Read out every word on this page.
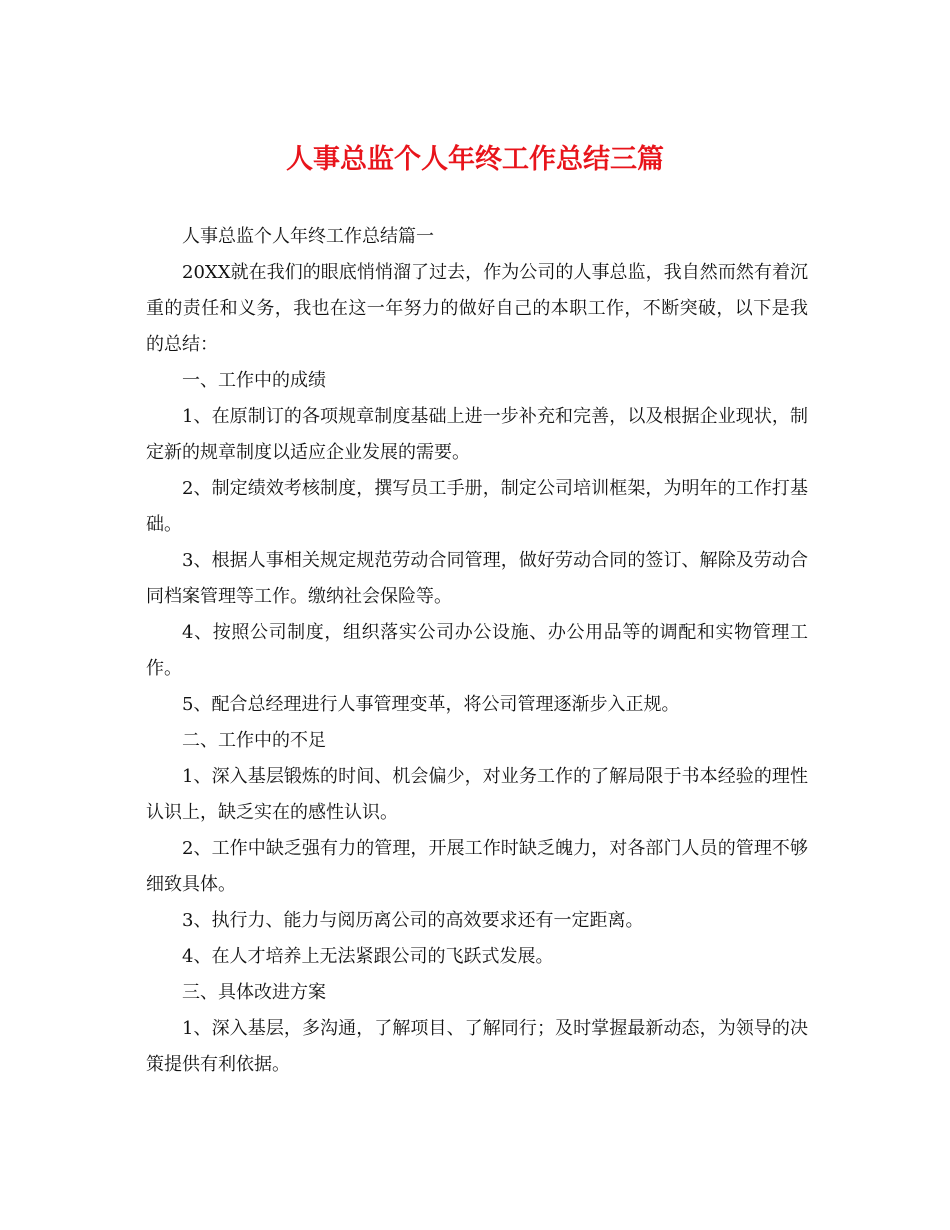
人事总监个人年终工作总结三篇

人事总监个人年终工作总结篇一

20XX就在我们的眼底悄悄溜了过去，作为公司的人事总监，我自然而然有着沉重的责任和义务，我也在这一年努力的做好自己的本职工作，不断突破，以下是我的总结：

一、工作中的成绩

1、在原制订的各项规章制度基础上进一步补充和完善，以及根据企业现状，制定新的规章制度以适应企业发展的需要。

2、制定绩效考核制度，撰写员工手册，制定公司培训框架，为明年的工作打基础。

3、根据人事相关规定规范劳动合同管理，做好劳动合同的签订、解除及劳动合同档案管理等工作。缴纳社会保险等。

4、按照公司制度，组织落实公司办公设施、办公用品等的调配和实物管理工作。

5、配合总经理进行人事管理变革，将公司管理逐渐步入正规。

二、工作中的不足

1、深入基层锻炼的时间、机会偏少，对业务工作的了解局限于书本经验的理性认识上，缺乏实在的感性认识。

2、工作中缺乏强有力的管理，开展工作时缺乏魄力，对各部门人员的管理不够细致具体。

3、执行力、能力与阅历离公司的高效要求还有一定距离。

4、在人才培养上无法紧跟公司的飞跃式发展。

三、具体改进方案

1、深入基层，多沟通，了解项目、了解同行；及时掌握最新动态，为领导的决策提供有利依据。
